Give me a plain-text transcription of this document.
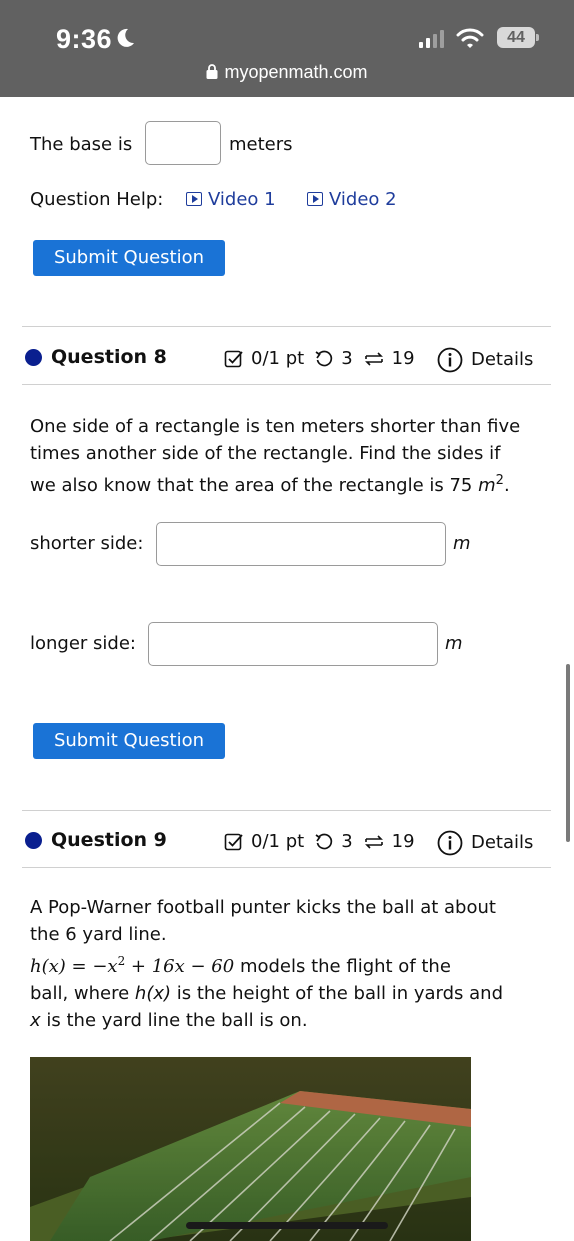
9:36	44
myopenmath.com
The base is	meters
Question Help:	Video 1	Video 2
Submit Question
Question 8	0/1 pt 3 19	Details
One side of a rectangle is ten meters shorter than five
times another side of the rectangle. Find the sides if
we also know that the area of the rectangle is 75 $m^2$.
shorter side:	m
longer side:	m
Submit Question
Question 9	0/1 pt 3 19	Details
A Pop-Warner football punter kicks the ball at about
the 6 yard line.
$h(x) = -x^2 + 16x - 60$ models the flight of the
ball, where h(x) is the height of the ball in yards and
x is the yard line the ball is on.
